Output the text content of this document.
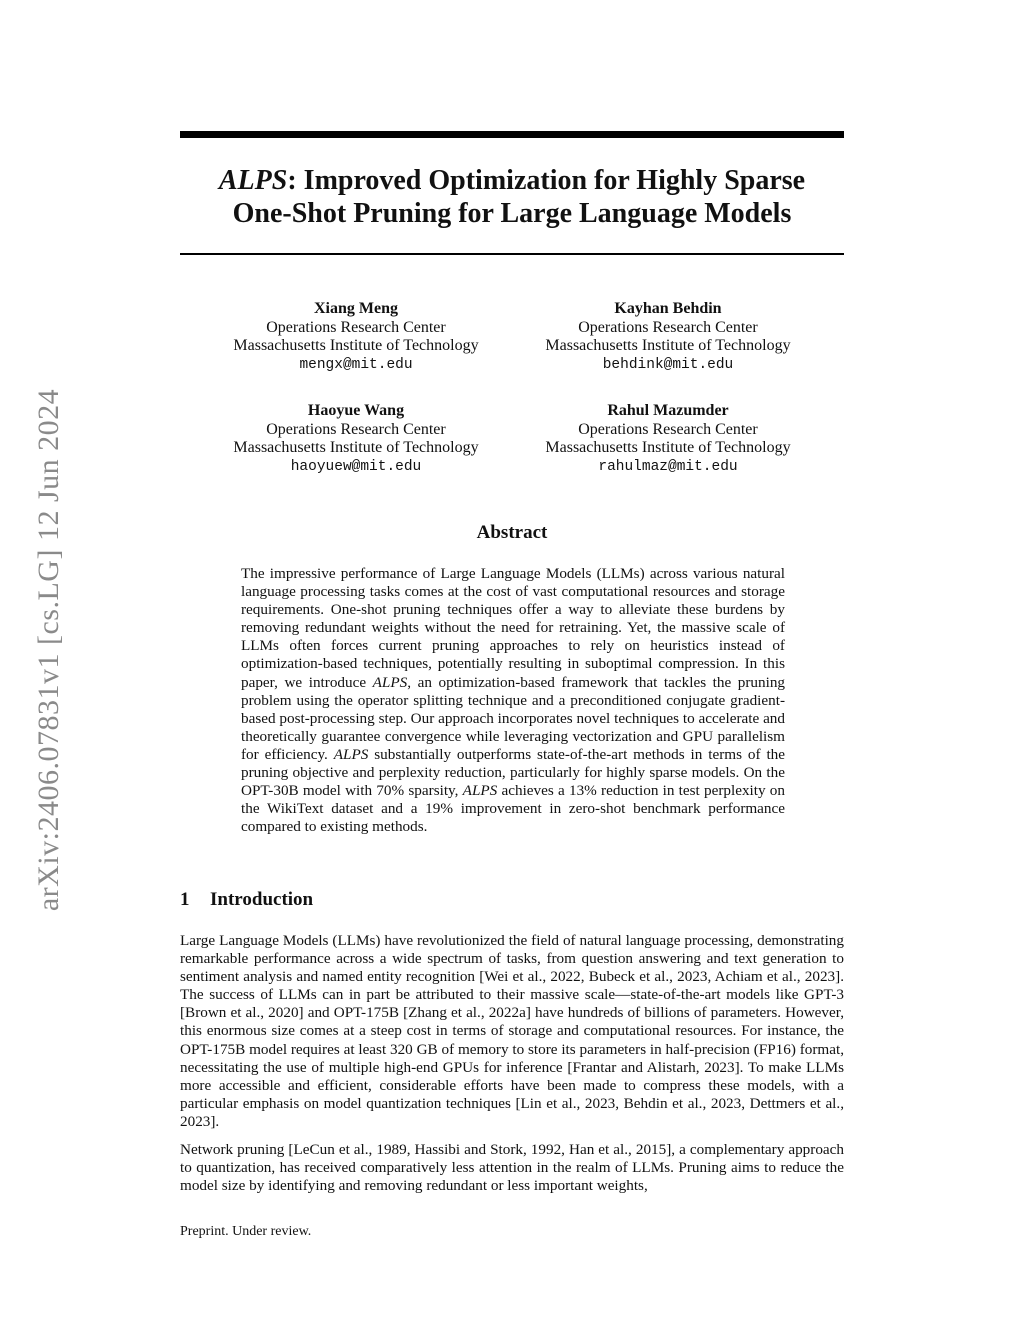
arXiv:2406.07831v1 [cs.LG] 12 Jun 2024
ALPS: Improved Optimization for Highly Sparse
One-Shot Pruning for Large Language Models
Xiang Meng
Operations Research Center
Massachusetts Institute of Technology
mengx@mit.edu
Kayhan Behdin
Operations Research Center
Massachusetts Institute of Technology
behdink@mit.edu
Haoyue Wang
Operations Research Center
Massachusetts Institute of Technology
haoyuew@mit.edu
Rahul Mazumder
Operations Research Center
Massachusetts Institute of Technology
rahulmaz@mit.edu
Abstract

The impressive performance of Large Language Models (LLMs) across various natural language processing tasks comes at the cost of vast computational resources and storage requirements. One-shot pruning techniques offer a way to alleviate these burdens by removing redundant weights without the need for retraining. Yet, the massive scale of LLMs often forces current pruning approaches to rely on heuristics instead of optimization-based techniques, potentially resulting in suboptimal compression. In this paper, we introduce ALPS, an optimization-based framework that tackles the pruning problem using the operator splitting technique and a preconditioned conjugate gradient-based post-processing step. Our approach incorporates novel techniques to accelerate and theoretically guarantee convergence while leveraging vectorization and GPU parallelism for efficiency. ALPS substantially outperforms state-of-the-art methods in terms of the pruning objective and perplexity reduction, particularly for highly sparse models. On the OPT-30B model with 70% sparsity, ALPS achieves a 13% reduction in test perplexity on the WikiText dataset and a 19% improvement in zero-shot benchmark performance compared to existing methods.

1 Introduction

Large Language Models (LLMs) have revolutionized the field of natural language processing, demonstrating remarkable performance across a wide spectrum of tasks, from question answering and text generation to sentiment analysis and named entity recognition [Wei et al., 2022, Bubeck et al., 2023, Achiam et al., 2023]. The success of LLMs can in part be attributed to their massive scale—state-of-the-art models like GPT-3 [Brown et al., 2020] and OPT-175B [Zhang et al., 2022a] have hundreds of billions of parameters. However, this enormous size comes at a steep cost in terms of storage and computational resources. For instance, the OPT-175B model requires at least 320 GB of memory to store its parameters in half-precision (FP16) format, necessitating the use of multiple high-end GPUs for inference [Frantar and Alistarh, 2023]. To make LLMs more accessible and efficient, considerable efforts have been made to compress these models, with a particular emphasis on model quantization techniques [Lin et al., 2023, Behdin et al., 2023, Dettmers et al., 2023].

Network pruning [LeCun et al., 1989, Hassibi and Stork, 1992, Han et al., 2015], a complementary approach to quantization, has received comparatively less attention in the realm of LLMs. Pruning aims to reduce the model size by identifying and removing redundant or less important weights,

Preprint. Under review.
